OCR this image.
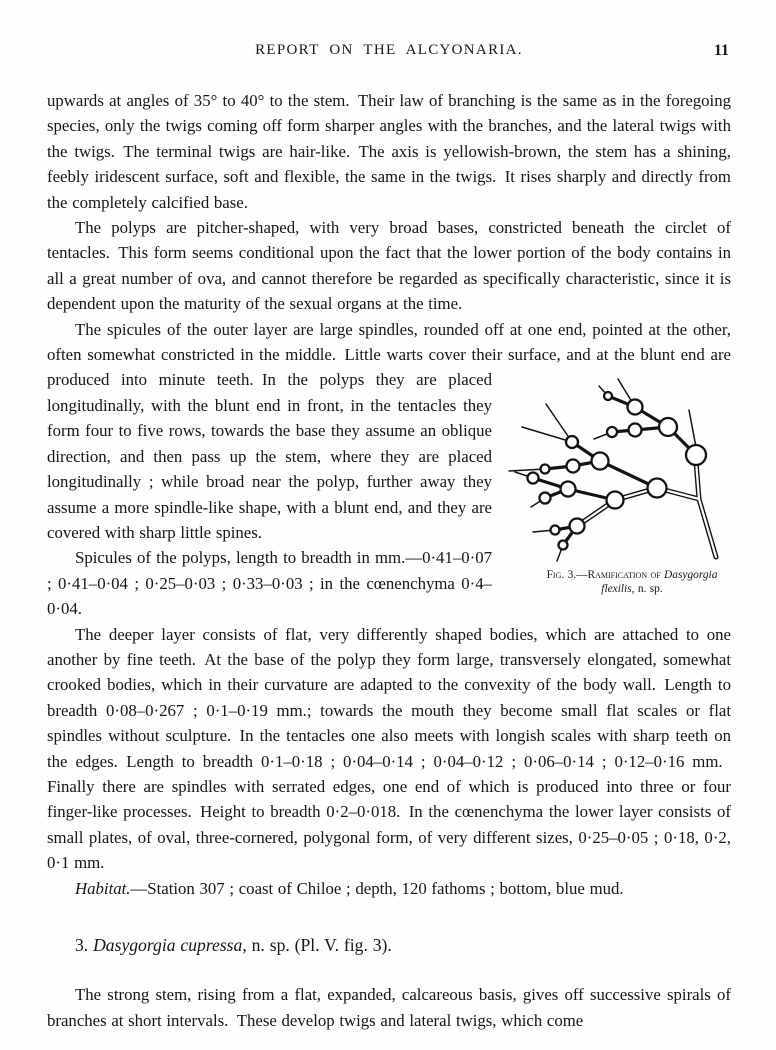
REPORT ON THE ALCYONARIA.	11

upwards at angles of 35° to 40° to the stem. Their law of branching is the same as in the foregoing species, only the twigs coming off form sharper angles with the branches, and the lateral twigs with the twigs. The terminal twigs are hair-like. The axis is yellowish-brown, the stem has a shining, feebly iridescent surface, soft and flexible, the same in the twigs. It rises sharply and directly from the completely calcified base.

The polyps are pitcher-shaped, with very broad bases, constricted beneath the circlet of tentacles. This form seems conditional upon the fact that the lower portion of the body contains in all a great number of ova, and cannot therefore be regarded as specifically characteristic, since it is dependent upon the maturity of the sexual organs at the time.

Fig. 3.—Ramification of Dasygorgia flexilis, n. sp.
The spicules of the outer layer are large spindles, rounded off at one end, pointed at the other, often somewhat constricted in the middle. Little warts cover their surface, and at the blunt end are produced into minute teeth. In the polyps they are placed longitudinally, with the blunt end in front, in the tentacles they form four to five rows, towards the base they assume an oblique direction, and then pass up the stem, where they are placed longitudinally ; while broad near the polyp, further away they assume a more spindle-like shape, with a blunt end, and they are covered with sharp little spines.

Spicules of the polyps, length to breadth in mm.—0·41–0·07 ; 0·41–0·04 ; 0·25–0·03 ; 0·33–0·03 ; in the cœnenchyma 0·4–0·04.

The deeper layer consists of flat, very differently shaped bodies, which are attached to one another by fine teeth. At the base of the polyp they form large, transversely elongated, somewhat crooked bodies, which in their curvature are adapted to the convexity of the body wall. Length to breadth 0·08–0·267 ; 0·1–0·19 mm.; towards the mouth they become small flat scales or flat spindles without sculpture. In the tentacles one also meets with longish scales with sharp teeth on the edges. Length to breadth 0·1–0·18 ; 0·04–0·14 ; 0·04–0·12 ; 0·06–0·14 ; 0·12–0·16 mm. Finally there are spindles with serrated edges, one end of which is produced into three or four finger-like processes. Height to breadth 0·2–0·018. In the cœnenchyma the lower layer consists of small plates, of oval, three-cornered, polygonal form, of very different sizes, 0·25–0·05 ; 0·18, 0·2, 0·1 mm.

Habitat.—Station 307 ; coast of Chiloe ; depth, 120 fathoms ; bottom, blue mud.

3. Dasygorgia cupressa, n. sp. (Pl. V. fig. 3).

The strong stem, rising from a flat, expanded, calcareous basis, gives off successive spirals of branches at short intervals. These develop twigs and lateral twigs, which come
